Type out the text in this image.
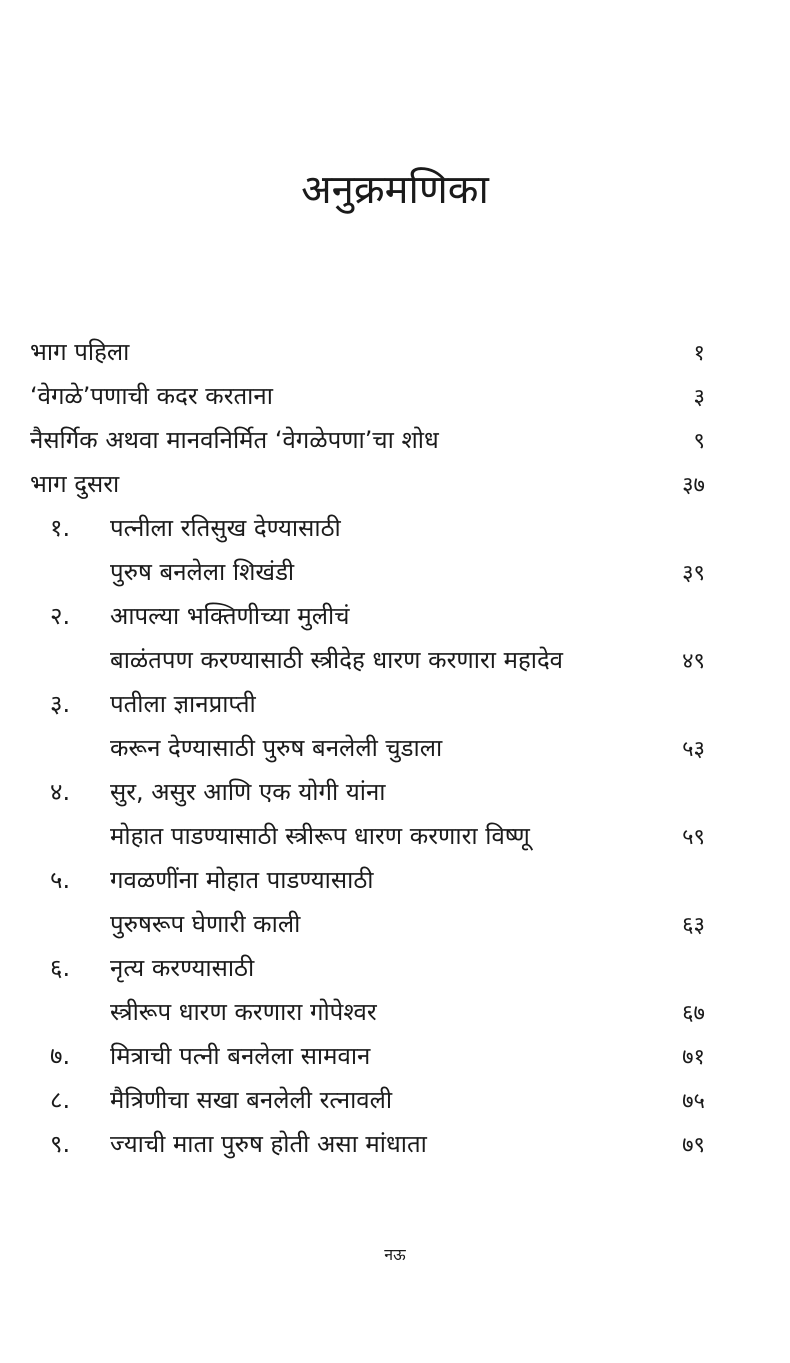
अनुक्रमणिका
भाग पहिला	१
‘वेगळे’पणाची कदर करताना	३
नैसर्गिक अथवा मानवनिर्मित ‘वेगळेपणा’चा शोध	९
भाग दुसरा	३७
१.	पत्नीला रतिसुख देण्यासाठी
पुरुष बनलेला शिखंडी	३९
२.	आपल्या भक्तिणीच्या मुलीचं
बाळंतपण करण्यासाठी स्त्रीदेह धारण करणारा महादेव	४९
३.	पतीला ज्ञानप्राप्ती
करून देण्यासाठी पुरुष बनलेली चुडाला	५३
४.	सुर, असुर आणि एक योगी यांना
मोहात पाडण्यासाठी स्त्रीरूप धारण करणारा विष्णू	५९
५.	गवळणींना मोहात पाडण्यासाठी
पुरुषरूप घेणारी काली	६३
६.	नृत्य करण्यासाठी
स्त्रीरूप धारण करणारा गोपेश्वर	६७
७.	मित्राची पत्नी बनलेला सामवान	७१
८.	मैत्रिणीचा सखा बनलेली रत्नावली	७५
९.	ज्याची माता पुरुष होती असा मांधाता	७९
नऊ
